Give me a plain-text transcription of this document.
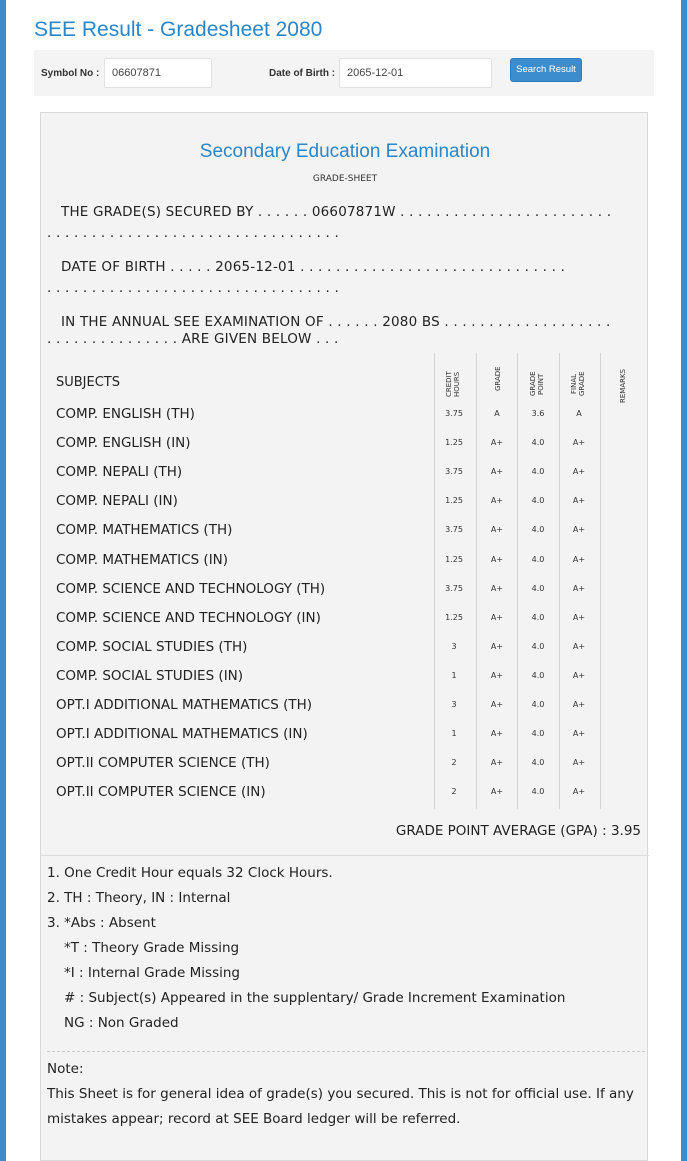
SEE Result - Gradesheet 2080
Symbol No :	06607871	Date of Birth :	2065-12-01	Search Result
Secondary Education Examination
GRADE-SHEET
THE GRADE(S) SECURED BY . . . . . . 06607871W . . . . . . . . . . . . . . . . . . . . . . . .
. . . . . . . . . . . . . . . . . . . . . . . . . . . . . . . . .
DATE OF BIRTH . . . . . 2065-12-01 . . . . . . . . . . . . . . . . . . . . . . . . . . . . . .
. . . . . . . . . . . . . . . . . . . . . . . . . . . . . . . . .
IN THE ANNUAL SEE EXAMINATION OF . . . . . . 2080 BS . . . . . . . . . . . . . . . . . . .
. . . . . . . . . . . . . . . ARE GIVEN BELOW . . .
SUBJECTS	CREDIT HOURS	GRADE	GRADE POINT	FINAL GRADE	REMARKS
COMP. ENGLISH (TH)	3.75	A	3.6	A
COMP. ENGLISH (IN)	1.25	A+	4.0	A+
COMP. NEPALI (TH)	3.75	A+	4.0	A+
COMP. NEPALI (IN)	1.25	A+	4.0	A+
COMP. MATHEMATICS (TH)	3.75	A+	4.0	A+
COMP. MATHEMATICS (IN)	1.25	A+	4.0	A+
COMP. SCIENCE AND TECHNOLOGY (TH)	3.75	A+	4.0	A+
COMP. SCIENCE AND TECHNOLOGY (IN)	1.25	A+	4.0	A+
COMP. SOCIAL STUDIES (TH)	3	A+	4.0	A+
COMP. SOCIAL STUDIES (IN)	1	A+	4.0	A+
OPT.I ADDITIONAL MATHEMATICS (TH)	3	A+	4.0	A+
OPT.I ADDITIONAL MATHEMATICS (IN)	1	A+	4.0	A+
OPT.II COMPUTER SCIENCE (TH)	2	A+	4.0	A+
OPT.II COMPUTER SCIENCE (IN)	2	A+	4.0	A+
GRADE POINT AVERAGE (GPA) : 3.95
1. One Credit Hour equals 32 Clock Hours.
2. TH : Theory, IN : Internal
3. *Abs : Absent
*T : Theory Grade Missing
*I : Internal Grade Missing
# : Subject(s) Appeared in the supplentary/ Grade Increment Examination
NG : Non Graded
Note:
This Sheet is for general idea of grade(s) you secured. This is not for official use. If any mistakes appear; record at SEE Board ledger will be referred.
